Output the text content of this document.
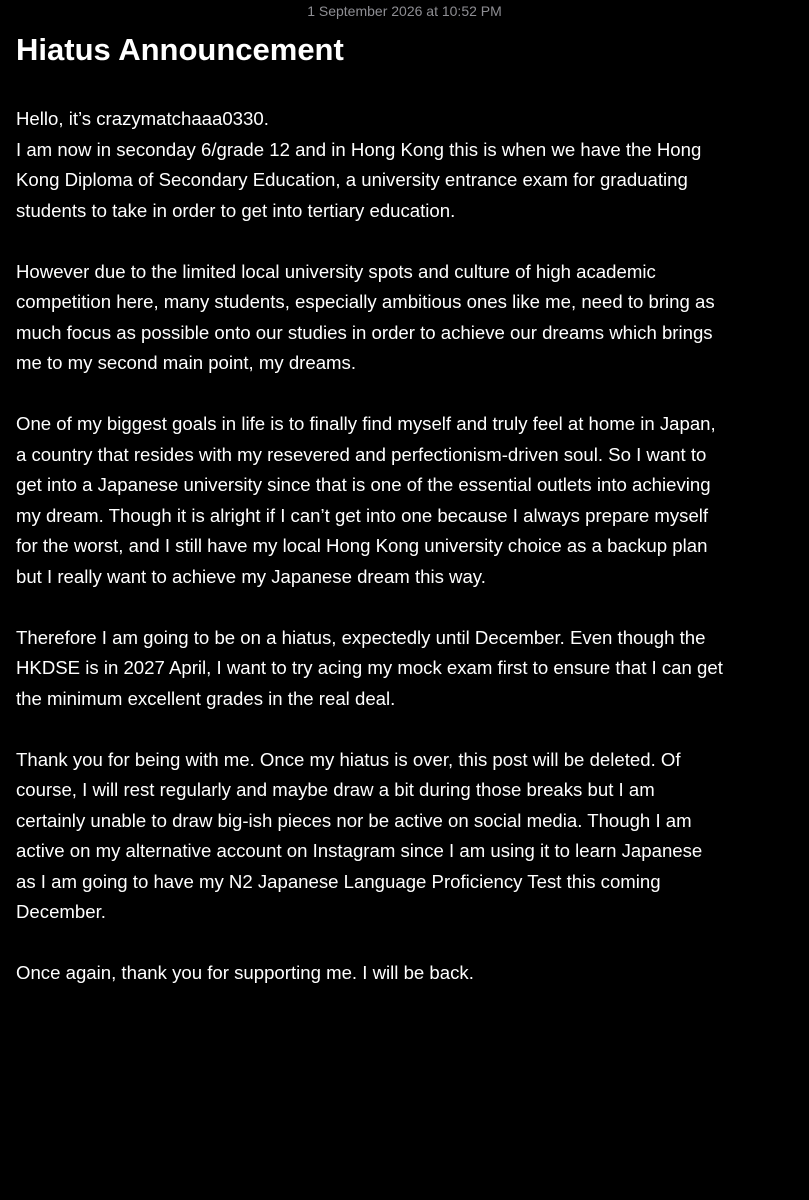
1 September 2026 at 10:52 PM
Hiatus Announcement

Hello, it’s crazymatchaaa0330.
I am now in seconday 6/grade 12 and in Hong Kong this is when we have the Hong
Kong Diploma of Secondary Education, a university entrance exam for graduating
students to take in order to get into tertiary education.

However due to the limited local university spots and culture of high academic
competition here, many students, especially ambitious ones like me, need to bring as
much focus as possible onto our studies in order to achieve our dreams which brings
me to my second main point, my dreams.

One of my biggest goals in life is to finally find myself and truly feel at home in Japan,
a country that resides with my resevered and perfectionism-driven soul. So I want to
get into a Japanese university since that is one of the essential outlets into achieving
my dream. Though it is alright if I can’t get into one because I always prepare myself
for the worst, and I still have my local Hong Kong university choice as a backup plan
but I really want to achieve my Japanese dream this way.

Therefore I am going to be on a hiatus, expectedly until December. Even though the
HKDSE is in 2027 April, I want to try acing my mock exam first to ensure that I can get
the minimum excellent grades in the real deal.

Thank you for being with me. Once my hiatus is over, this post will be deleted. Of
course, I will rest regularly and maybe draw a bit during those breaks but I am
certainly unable to draw big-ish pieces nor be active on social media. Though I am
active on my alternative account on Instagram since I am using it to learn Japanese
as I am going to have my N2 Japanese Language Proficiency Test this coming
December.

Once again, thank you for supporting me. I will be back.
